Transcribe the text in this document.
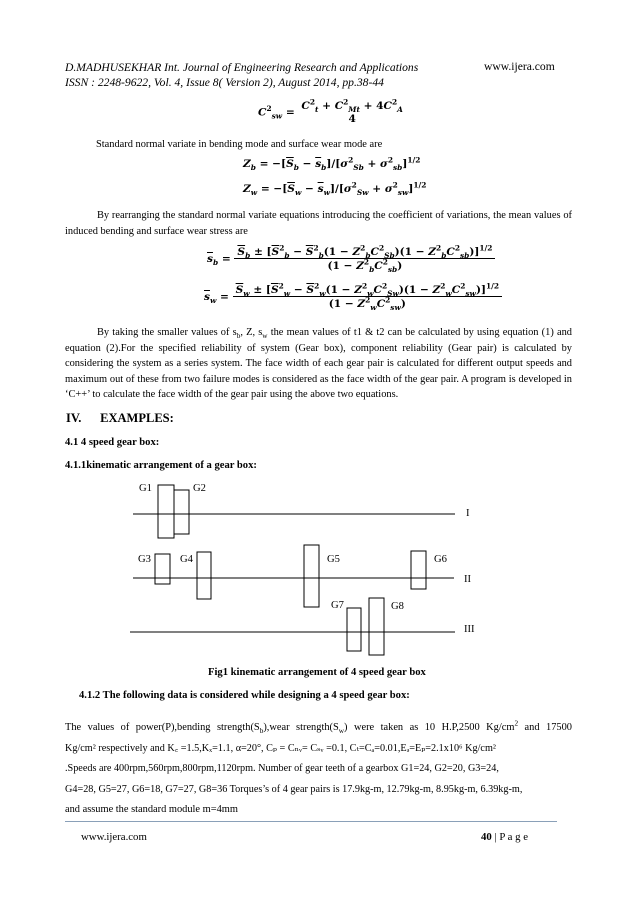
D.MADHUSEKHAR Int. Journal of Engineering Research and Applications	www.ijera.com
ISSN : 2248-9622, Vol. 4, Issue 8( Version 2), August 2014, pp.38-44
$C^2_{sw}$ =
$C^2_t + C^2_{Mt} + 4C^2_A$
4
Standard normal variate in bending mode and surface wear mode are
$Z_b = -[\overline{S}_b - \overline{s}_b]/[\sigma^2_{Sb} + \sigma^2_{sb}]^{1/2}$
$Z_w = -[\overline{S}_w - \overline{s}_w]/[\sigma^2_{Sw} + \sigma^2_{sw}]^{1/2}$
By rearranging the standard normal variate equations introducing the coefficient of variations, the mean values of induced bending and surface wear stress are
$\overline{s}_b = \frac{\overline{S}_b \pm [\overline{S}^2_b - \overline{S}^2_b(1 - Z^2_bC^2_{Sb})(1 - Z^2_bC^2_{sb})]^{1/2}}{(1 - Z^2_bC^2_{sb})}$
$\overline{s}_w = \frac{\overline{S}_w \pm [\overline{S}^2_w - \overline{S}^2_w(1 - Z^2_wC^2_{Sw})(1 - Z^2_wC^2_{sw})]^{1/2}}{(1 - Z^2_wC^2_{sw})}$
By taking the smaller values of $s_b$, Z, $s_w$ the mean values of t1 & t2 can be calculated by using equation (1) and equation (2).For the specified reliability of system (Gear box), component reliability (Gear pair) is calculated by considering the system as a series system. The face width of each gear pair is calculated for different output speeds and maximum out of these from two failure modes is considered as the face width of the gear pair. A program is developed in ‘C++’ to calculate the face width of the gear pair using the above two equations.
IV.      EXAMPLES:
4.1 4 speed gear box:
4.1.1kinematic arrangement of a gear box:
G1	G2
G3	G4	G5	G6
G7	G8
I
II
III
Fig1 kinematic arrangement of 4 speed gear box
4.1.2 The following data is considered while designing a 4 speed gear box:
The values of power(P),bending $strength(S_b),wear$ $strength(S_w)$ were taken as 10 H.P,2500 $Kg/cm^2$ and 17500
Kg/cm² respectively and K꜀ =1.5,Kₓ=1.1, α=20°, Cₚ = Cₙᵥ= Cₛᵥ =0.1, Cₜ=Cₐ=0.01,Eₔ=Eₚ=2.1x10⁶ Kg/cm²
.Speeds are 400rpm,560rpm,800rpm,1120rpm. Number of gear teeth of a gearbox G1=24, G2=20, G3=24,
G4=28, G5=27, G6=18, G7=27, G8=36 Torques’s of 4 gear pairs is 17.9kg-m, 12.79kg-m, 8.95kg-m, 6.39kg-m,
and assume the standard module m=4mm
www.ijera.com	40 | P a g e
